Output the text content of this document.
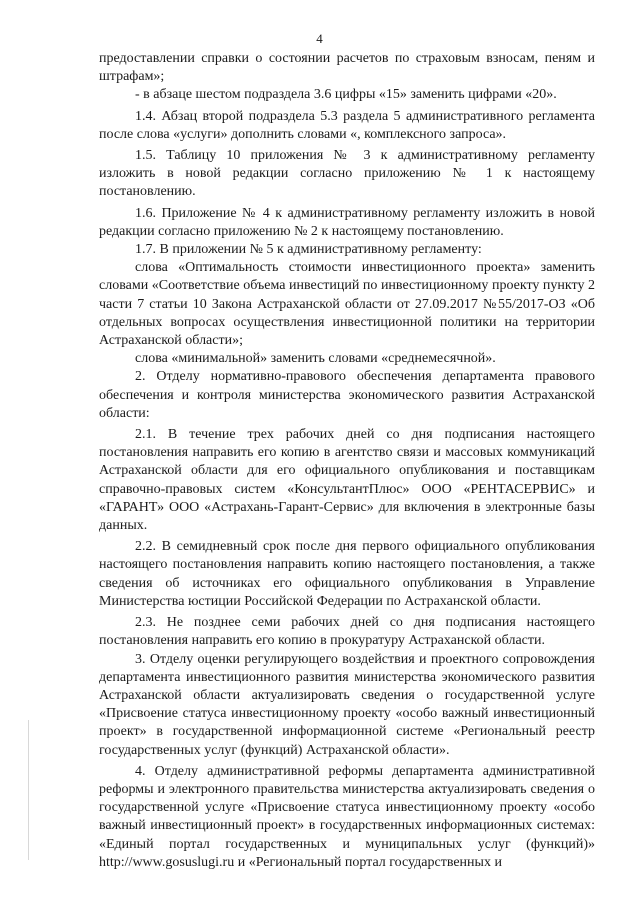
4

предоставлении справки о состоянии расчетов по страховым взносам, пеням и штрафам»;

- в абзаце шестом подраздела 3.6 цифры «15» заменить цифрами «20».

1.4. Абзац второй подраздела 5.3 раздела 5 административного регламента после слова «услуги» дополнить словами «, комплексного запроса».

1.5. Таблицу 10 приложения № 3 к административному регламенту изложить в новой редакции согласно приложению № 1 к настоящему постановлению.

1.6. Приложение № 4 к административному регламенту изложить в новой редакции согласно приложению № 2 к настоящему постановлению.

1.7. В приложении № 5 к административному регламенту:

слова «Оптимальность стоимости инвестиционного проекта» заменить словами «Соответствие объема инвестиций по инвестиционному проекту пункту 2 части 7 статьи 10 Закона Астраханской области от 27.09.2017 №55/2017-ОЗ «Об отдельных вопросах осуществления инвестиционной политики на территории Астраханской области»;

слова «минимальной» заменить словами «среднемесячной».

2. Отделу нормативно-правового обеспечения департамента правового обеспечения и контроля министерства экономического развития Астраханской области:

2.1. В течение трех рабочих дней со дня подписания настоящего постановления направить его копию в агентство связи и массовых коммуникаций Астраханской области для его официального опубликования и поставщикам справочно-правовых систем «КонсультантПлюс» ООО «РЕНТАСЕРВИС» и «ГАРАНТ» ООО «Астрахань-Гарант-Сервис» для включения в электронные базы данных.

2.2. В семидневный срок после дня первого официального опубликования настоящего постановления направить копию настоящего постановления, а также сведения об источниках его официального опубликования в Управление Министерства юстиции Российской Федерации по Астраханской области.

2.3. Не позднее семи рабочих дней со дня подписания настоящего постановления направить его копию в прокуратуру Астраханской области.

3. Отделу оценки регулирующего воздействия и проектного сопровождения департамента инвестиционного развития министерства экономического развития Астраханской области актуализировать сведения о государственной услуге «Присвоение статуса инвестиционному проекту «особо важный инвестиционный проект» в государственной информационной системе «Региональный реестр государственных услуг (функций) Астраханской области».

4. Отделу административной реформы департамента административной реформы и электронного правительства министерства актуализировать сведения о государственной услуге «Присвоение статуса инвестиционному проекту «особо важный инвестиционный проект» в государственных информационных системах: «Единый портал государственных и муниципальных услуг (функций)» http://www.gosuslugi.ru и «Региональный портал государственных и
